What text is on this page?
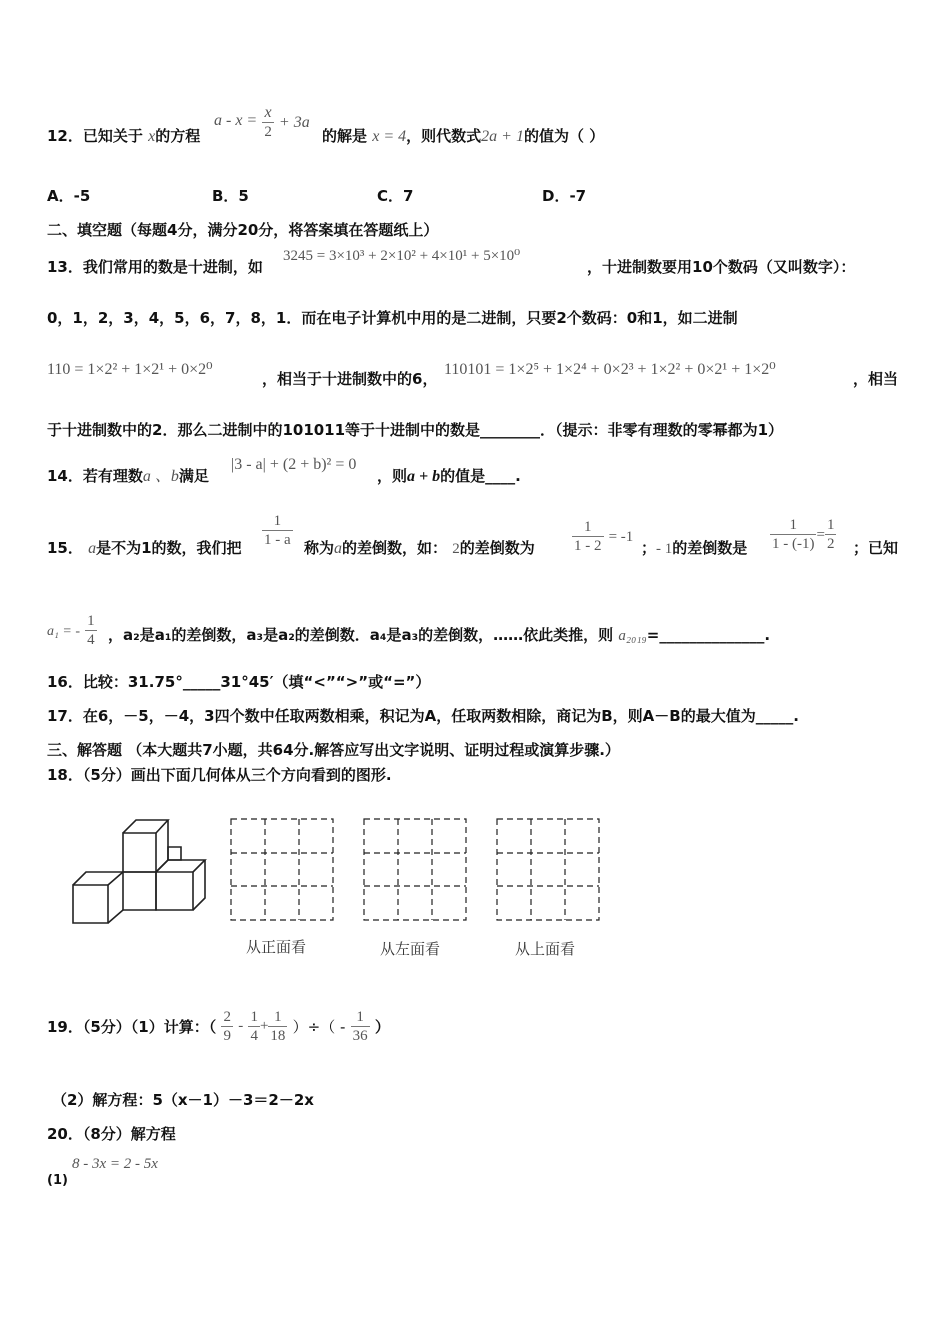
12．已知关于 x的方程
$a - x = \frac{x}{2} + 3a$
的解是 x = 4，则代数式2a + 1的值为（ ）
A．-5	B．5	C．7	D．-7
二、填空题（每题4分，满分20分，将答案填在答题纸上）
13．我们常用的数是十进制，如
3245 = 3×10³ + 2×10² + 4×10¹ + 5×10⁰
，十进制数要用10个数码（又叫数字）：
0，1，2，3，4，5，6，7，8，1．而在电子计算机中用的是二进制，只要2个数码：0和1，如二进制
110 = 1×2² + 1×2¹ + 0×2⁰
，相当于十进制数中的6，
110101 = 1×2⁵ + 1×2⁴ + 0×2³ + 1×2² + 0×2¹ + 1×2⁰
，相当
于十进制数中的2．那么二进制中的101011等于十进制中的数是________．（提示：非零有理数的零幂都为1）
14．若有理数a 、b满足
|3 - a| + (2 + b)² = 0
，则a + b的值是____.
15． a是不为1的数，我们把 $\frac{1}{1 - a}$ 称为a的差倒数，如： 2的差倒数为 $\frac{1}{1 - 2} = -1$
；- 1的差倒数是 $\frac{1}{1 - (-1)} = \frac{1}{2}$ ；已知
a₁ = - $\frac{1}{4}$ ，a₂是a₁的差倒数，a₃是a₂的差倒数．a₄是a₃的差倒数，……依此类推，则 a₂₀₁₉=______________.
16．比较：31.75°_____31°45′（填“<”“>”或“=”）
17．在6，－5，－4，3四个数中任取两数相乘，积记为A，任取两数相除，商记为B，则A－B的最大值为_____.
三、解答题 （本大题共7小题，共64分.解答应写出文字说明、证明过程或演算步骤.）
18．（5分）画出下面几何体从三个方向看到的图形.
从正面看	从左面看	从上面看
19．（5分）（1）计算：（ $\frac{2}{9} - \frac{1}{4} + \frac{1}{18}$ ）÷（ - $\frac{1}{36}$ ）
（2）解方程：5（x－1）－3＝2－2x
20．（8分）解方程
8 - 3x = 2 - 5x
(1)
